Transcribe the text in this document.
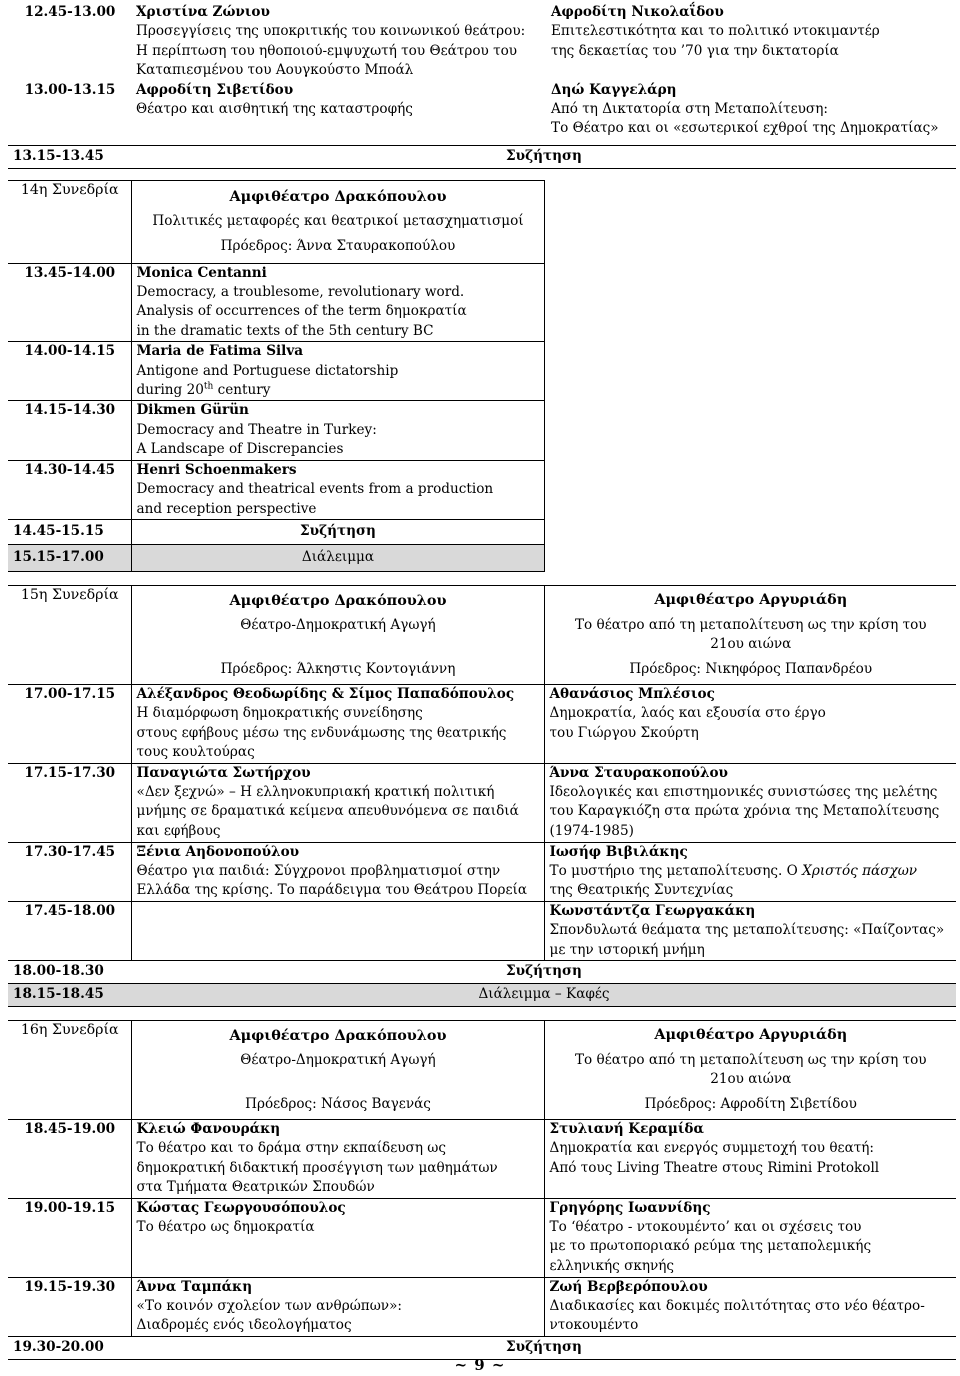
12.45-13.00	Χριστίνα Ζώνιου
Προσεγγίσεις της υποκριτικής του κοινωνικού θεάτρου:
Η περίπτωση του ηθοποιού-εμψυχωτή του Θεάτρου του
Καταπιεσμένου του Αουγκούστο Μποάλ	Αφροδίτη Νικολαΐδου
Επιτελεστικότητα και το πολιτικό ντοκιμαντέρ
της δεκαετίας του ’70 για την δικτατορία

13.00-13.15	Αφροδίτη Σιβετίδου
Θέατρο και αισθητική της καταστροφής	Δηώ Καγγελάρη
Από τη Δικτατορία στη Μεταπολίτευση:
Το Θέατρο και οι «εσωτερικοί εχθροί της Δημοκρατίας»

13.15-13.45	Συζήτηση	
14η Συνεδρία	Αμφιθέατρο Δρακόπουλου
Πολιτικές μεταφορές και θεατρικοί μετασχηματισμοί
Πρόεδρος: Άννα Σταυρακοπούλου

13.45-14.00	Monica Centanni
Democracy, a troublesome, revolutionary word.
Analysis of occurrences of the term δημοκρατία
in the dramatic texts of the 5th century BC

14.00-14.15	Maria de Fatima Silva
Antigone and Portuguese dictatorship
during 20th century

14.15-14.30	Dikmen Gürün
Democracy and Theatre in Turkey:
A Landscape of Discrepancies

14.30-14.45	Henri Schoenmakers
Democracy and theatrical events from a production
and reception perspective

14.45-15.15	Συζήτηση
15.15-17.00	Διάλειμμα
15η Συνεδρία	Αμφιθέατρο Δρακόπουλου
Θέατρο-Δημοκρατική Αγωγή
Πρόεδρος: Άλκηστις Κοντογιάννη	Αμφιθέατρο Αργυριάδη
Το θέατρο από τη μεταπολίτευση ως την κρίση του
21ου αιώνα
Πρόεδρος: Νικηφόρος Παπανδρέου

17.00-17.15	Αλέξανδρος Θεοδωρίδης & Σίμος Παπαδόπουλος
Η διαμόρφωση δημοκρατικής συνείδησης
στους εφήβους μέσω της ενδυνάμωσης της θεατρικής
τους κουλτούρας	Αθανάσιος Μπλέσιος
Δημοκρατία, λαός και εξουσία στο έργο
του Γιώργου Σκούρτη

17.15-17.30	Παναγιώτα Σωτήρχου
«Δεν ξεχνώ» – Η ελληνοκυπριακή κρατική πολιτική
μνήμης σε δραματικά κείμενα απευθυνόμενα σε παιδιά
και εφήβους	Άννα Σταυρακοπούλου
Ιδεολογικές και επιστημονικές συνιστώσες της μελέτης
του Καραγκιόζη στα πρώτα χρόνια της Μεταπολίτευσης
(1974-1985)

17.30-17.45	Ξένια Αηδονοπούλου
Θέατρο για παιδιά: Σύγχρονοι προβληματισμοί στην
Ελλάδα της κρίσης. Το παράδειγμα του Θεάτρου Πορεία	Ιωσήφ Βιβιλάκης
Το μυστήριο της μεταπολίτευσης. Ο Χριστός πάσχων
της Θεατρικής Συντεχνίας

17.45-18.00		Κωνστάντζα Γεωργακάκη
Σπονδυλωτά θεάματα της μεταπολίτευσης: «Παίζοντας»
με την ιστορική μνήμη

18.00-18.30	Συζήτηση	
18.15-18.45	Διάλειμμα – Καφές	
16η Συνεδρία	Αμφιθέατρο Δρακόπουλου
Θέατρο-Δημοκρατική Αγωγή
Πρόεδρος: Νάσος Βαγενάς	Αμφιθέατρο Αργυριάδη
Το θέατρο από τη μεταπολίτευση ως την κρίση του
21ου αιώνα
Πρόεδρος: Αφροδίτη Σιβετίδου

18.45-19.00	Κλειώ Φανουράκη
Το θέατρο και το δράμα στην εκπαίδευση ως
δημοκρατική διδακτική προσέγγιση των μαθημάτων
στα Τμήματα Θεατρικών Σπουδών	Στυλιανή Κεραμίδα
Δημοκρατία και ενεργός συμμετοχή του θεατή:
Από τους Living Theatre στους Rimini Protokoll

19.00-19.15	Κώστας Γεωργουσόπουλος
Το θέατρο ως δημοκρατία	Γρηγόρης Ιωαννίδης
Το ‘θέατρο - ντοκουμέντο’ και οι σχέσεις του
με το πρωτοποριακό ρεύμα της μεταπολεμικής
ελληνικής σκηνής

19.15-19.30	Άννα Ταμπάκη
«Το κοινόν σχολείον των ανθρώπων»:
Διαδρομές ενός ιδεολογήματος	Ζωή Βερβερόπουλου
Διαδικασίες και δοκιμές πολιτότητας στο νέο θέατρο-
ντοκουμέντο

19.30-20.00	Συζήτηση	
~ 9 ~
